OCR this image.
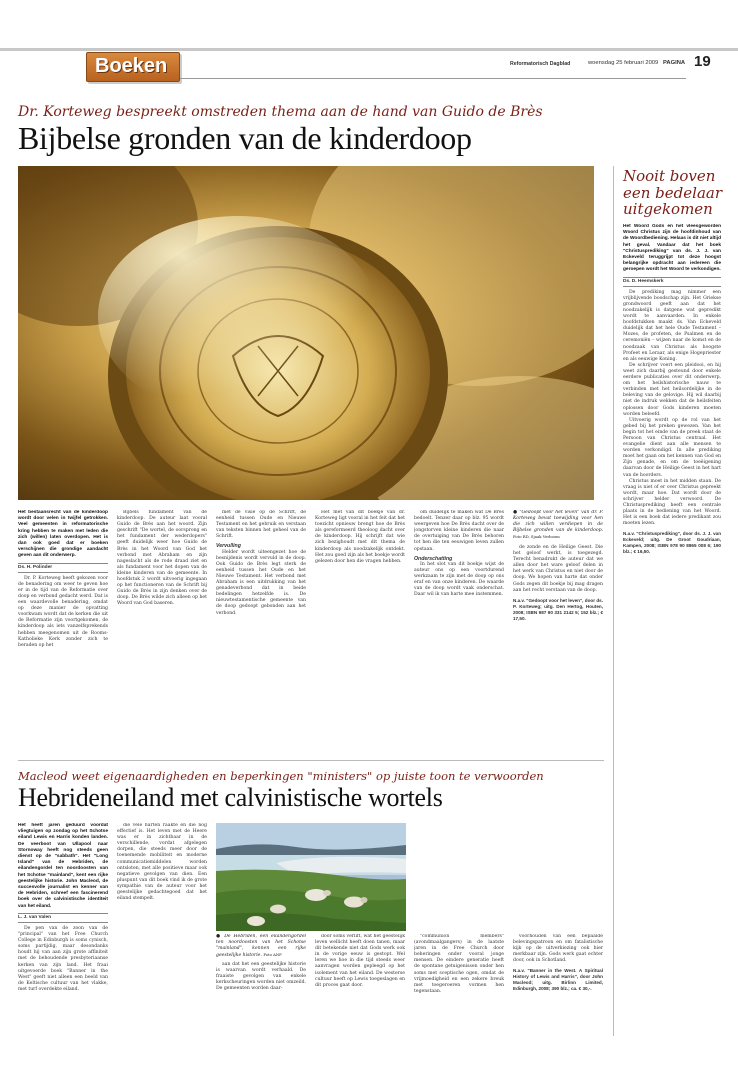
Boeken	Reformatorisch Dagblad	woensdag 25 februari 2009 PAGINA 19
Dr. Korteweg bespreekt omstreden thema aan de hand van Guido de Brès
Bijbelse gronden van de kinderdoop
Het bestaansrecht van de kinderdoop wordt door velen in twijfel getrokken. Veel gemeenten in reformatorische kring hebben te maken met leden die zich (willen) laten overdopen. Het is dan ook goed dat er boeken verschijnen die grondige aandacht geven aan dit onderwerp.
Ds. H. Polinder
Dr. P. Korteweg heeft gekozen voor de benadering om weer te geven hoe er in de tijd van de Reformatie over doop en verbond gedacht werd. Dat is een waardevolle benadering, omdat op deze manier de opvatting voorkwam wordt dat de kerken die uit de Reformatie zijn voortgekomen, de kinderdoop als iets vanzelfsprekends hebben meegenomen uit de Rooms-Katholieke Kerk zonder zich te beraden op het
Bijbels fundament van de kinderdoop. De auteur laat vooral Guido de Brès aan het woord. Zijn geschrift "De wortel, de oorsprong en het fundament der wederdopers" geeft duidelijk weer hoe Guido de Brès in het Woord van God het verbond met Abraham en zijn nageslacht als de rode draad ziet en als fundament voor het dopen van de kleine kinderen van de gemeente. In hoofdstuk 2 wordt uitvoerig ingegaan op het functioneren van de Schrift bij Guido de Brès in zijn denken over de doop. De Brès wilde zich alleen op het Woord van God baseren.
met de visie op de Schrift, de eenheid tussen Oude en Nieuwe Testament en het gebruik en verstaan van teksten binnen het geheel van de Schrift.
Vervulling
Helder wordt uiteengezet hoe de besnijdenis wordt vervuld in de doop. Ook Guido de Brès legt sterk de eenheid tussen het Oude en het Nieuwe Testament. Het verbond met Abraham is een uitdrukking van het genadeverbond dat in beide bedelingen hetzelfde is. De nieuwtestamentische gemeente van de doop gedoopt gebonden aan het verbond.
Het met van dit boekje van dr. Korteweg ligt vooral in het feit dat het toezicht opnieuw brengt hoe de Brès als gereformeerd theoloog dacht over de kinderdoop. Hij schrijft dat wie zich bezighoudt met dit thema de kinderdoop als noodzakelijk ontdekt. Het zou goed zijn als het boekje wordt gelezen door hen die vragen hebben.
om duidelijk te maken wat De Brès bedoelt. Tenzer daar op blz. 95 wordt weergeven hoe De Brès dacht over de jongstorven kleine kinderen die naar de overtuiging van De Brès behoren tot hen die ten eeuwigen leven zullen opstaan.
Onderschatting
In het slot van dit boekje wijst de auteur ons op een voortdurend werkzaam te zijn met de doop op ons eraf en van onze kinderen. De waarde van de doop wordt vaak onderschat. Daar wil ik van harte mee instemmen.
● "Gedoopt voor het leven" van dr. P. Korteweg bevat toewijding voor hen die zich willen verdiepen in de Bijbelse gronden van de kinderdoop. Foto RD, Sjaak Verboom
de zonde en de Heilige Geest. Die het geloof werkt, is toegezegd. Terecht benadrukt de auteur dat we allen door het ware geloof delen in het werk van Christus en niet door de doop. We hopen van harte dat onder Gods zegen dit boekje bij mag dragen aan het recht verstaan van de doop.
N.a.v. "Gedoopt voor het leven", door ds. P. Korteweg; uitg. Den Hertog, Houten, 2008; ISBN 987 90 331 2142 5; 152 blz.; € 17,50.
Nooit boven een bedelaar uitgekomen
Het Woord Gods en het vleesgeworden Woord Christus zijn de hoofdinhoud van de Woordbediening. Helaas is dit niet altijd het geval. Vandaar dat het boek "Christusprediking" van ds. J. J. van Eckeveld teruggrijpt tot deze hoogst belangrijke opdracht aan iedereen die geroepen wordt het Woord te verkondigen.
Ds. D. Heemskerk
De prediking mag nimmer een vrijblijvende boodschap zijn. Het Griekse grondwoord geeft aan dat het noodzakelijk is datgene wat gepredikt wordt te aanvaarden. In enkele hoofdstukken maakt ds. Van Eckeveld duidelijk dat het hele Oude Testament – Mozes, de profeten, de Psalmen en de ceremoniën – wijzen naar de komst en de noodzaak van Christus als hoogste Profeet en Leraar, als enige Hogepriester en als eeuwige Koning.
De schrijver voert een pleidooi, en hij weet zich daarbij gesteund door enkele eerdere publicaties over dit onderwerp, om het heilshistorische nauw te verbinden met het heilsordelijke in de beleving van de gelovige. Hij wil daarbij niet de indruk wekken dat de heilsfeiten oplossen door Gods kinderen moeten worden beleefd.
Uitvoerig wordt op de rol van het gebed bij het preken gewezen. Van het begin tot het einde van de preek staat de Persoon van Christus centraal. Het evangelie dient aan alle mensen te worden verkondigd. In alle prediking moet het gaan om het kennen van God en Zijn genade, en om de toeëigening daarvan door de Heilige Geest in het hart van de hoorders.
Christus moet in het midden staan. De vraag is niet of er over Christus gepreekt wordt, maar hoe. Dat wordt door de schrijver helder verwoord. De Christusprediking heeft een centrale plaats in de bediening van het Woord. Het is een boek dat iedere predikant zou moeten lezen.
N.a.v. "Christusprediking", door ds. J. J. van Eckeveld; uitg. De Groot Goudriaan, Kampen, 2008; ISBN 978 90 8865 008 6; 190 blz.; € 16,50.
Macleod weet eigenaardigheden en beperkingen "ministers" op juiste toon te verwoorden
Hebrideneiland met calvinistische wortels
Het heeft jaren geduurd voordat vliegtuigen op zondag op het Schotse eiland Lewis en Harris konden landen. De veerboot van Ullapool naar Stornoway heeft nog steeds geen dienst op de "sabbath". Het "Long Island" van de Hebriden, de eilandengordel ten noordoosten van het Schotse "mainland", kent een rijke geestelijke historie. John Macleod, de succesvolle journalist en kenner van de Hebriden, schreef een fascinerend boek over de calvinistische identiteit van het eiland.
L. J. van Valen
De pen van de zoon van de "principal" van het Free Church College in Edinburgh is soms cynisch, soms partijdig, maar desondanks houdt hij van aan zijn grote affiniteit met de behoudende presbyteriaanse kerken van zijn land. Het fraai uitgevoerde boek "Banner in the West" geeft niet alleen een beeld van de Keltische cultuur van het vlakke, met turf overdekte eiland.
die vele harten raakte en die nog effectief is. Het leven met de Heere was er in zichtbaar in de verschillende, vordat afgelegen dorpen, die steeds meer door de toenemende mobiliteit en moderne communicatiemiddelen worden ontsloten, met alle positieve maar ook negatieve gevolgen van dien. Een pluspunt van dit boek vind ik de grote sympathie van de auteur voor het geestelijke gedachtegoed dat het eiland stempelt.
● De Hebriden, een eilandengordel ten noordoosten van het Schotse "mainland", kennen een rijke geestelijke historie. Foto ANP
aan dat het een geestelijke historie is waarvan wordt verhaald. De fraaiste gevolgen van enkele kerkscheuringen worden niet omzeild. De gemeenten worden daar-
door soms verlift, wat het geestelijk leven wellicht heeft doen tanen, maar dit betekende niet dat Gods werk ook in de vorige eeuw is gestopt. Wel leren we hoe in die tijd steeds weer aanvragen worden gepleegd op het isolement van het eiland. De westerse cultuur heeft op Lewis toegeslagen en dit proces gaat door.
"communion members" (avondmaalgangers) in de laatste jaren in de Free Church door beheringen onder vooral jonge mensen. De eindere generatie heeft de spontane getuigenissen onder hen soms met sceptische ogen, omdat de vrijmoedigheid en een zekere breuk met toegeroeren vormen hen tegenstaan.
voorhouden van een bepaalde belevingspatroon en om fatalistische kijk op de uitverkiezing ook hier merkbaar zijn. Gods werk gaat echter door, ook in Schotland.
N.a.v. "Banner in the West. A Spiritual History of Lewis and Harris", door John Macleod; uitg. Birlinn Limited, Edinburgh, 2008; 390 blz.; ca. € 30,-.
